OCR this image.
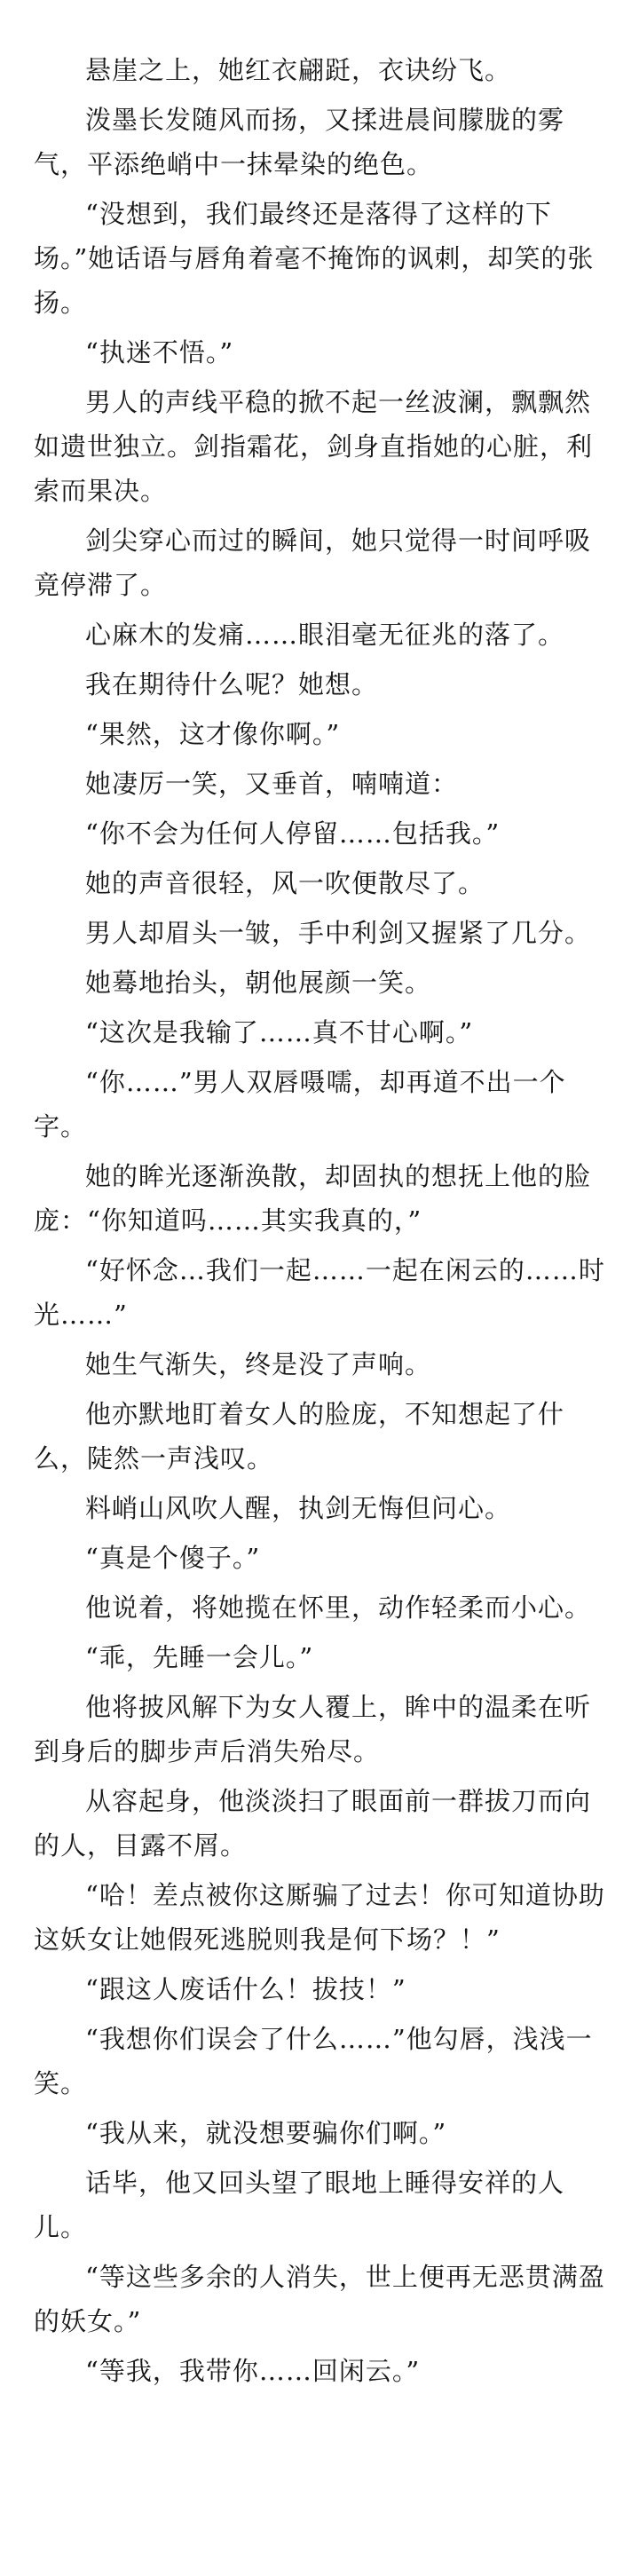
悬崖之上，她红衣翩跹，衣诀纷飞。

泼墨长发随风而扬，又揉进晨间朦胧的雾气，平添绝峭中一抹晕染的绝色。

“没想到，我们最终还是落得了这样的下场。”她话语与唇角着毫不掩饰的讽刺，却笑的张扬。

“执迷不悟。”

男人的声线平稳的掀不起一丝波澜，飘飘然如遗世独立。剑指霜花，剑身直指她的心脏，利索而果决。

剑尖穿心而过的瞬间，她只觉得一时间呼吸竟停滞了。

心麻木的发痛……眼泪毫无征兆的落了。

我在期待什么呢？她想。

“果然，这才像你啊。”

她凄厉一笑，又垂首，喃喃道：

“你不会为任何人停留……包括我。”

她的声音很轻，风一吹便散尽了。

男人却眉头一皱，手中利剑又握紧了几分。

她蓦地抬头，朝他展颜一笑。

“这次是我输了……真不甘心啊。”

“你……”男人双唇嗫嚅，却再道不出一个字。

她的眸光逐渐涣散，却固执的想抚上他的脸庞：“你知道吗……其实我真的，”

“好怀念…我们一起……一起在闲云的……时光……”

她生气渐失，终是没了声响。

他亦默地盯着女人的脸庞，不知想起了什么，陡然一声浅叹。

料峭山风吹人醒，执剑无悔但问心。

“真是个傻子。”

他说着，将她揽在怀里，动作轻柔而小心。

“乖，先睡一会儿。”

他将披风解下为女人覆上，眸中的温柔在听到身后的脚步声后消失殆尽。

从容起身，他淡淡扫了眼面前一群拔刀而向的人，目露不屑。

“哈！差点被你这厮骗了过去！你可知道协助这妖女让她假死逃脱则我是何下场？！”

“跟这人废话什么！拔技！”

“我想你们误会了什么……”他勾唇，浅浅一笑。

“我从来，就没想要骗你们啊。”

话毕，他又回头望了眼地上睡得安祥的人儿。

“等这些多余的人消失，世上便再无恶贯满盈的妖女。”

“等我，我带你……回闲云。”
